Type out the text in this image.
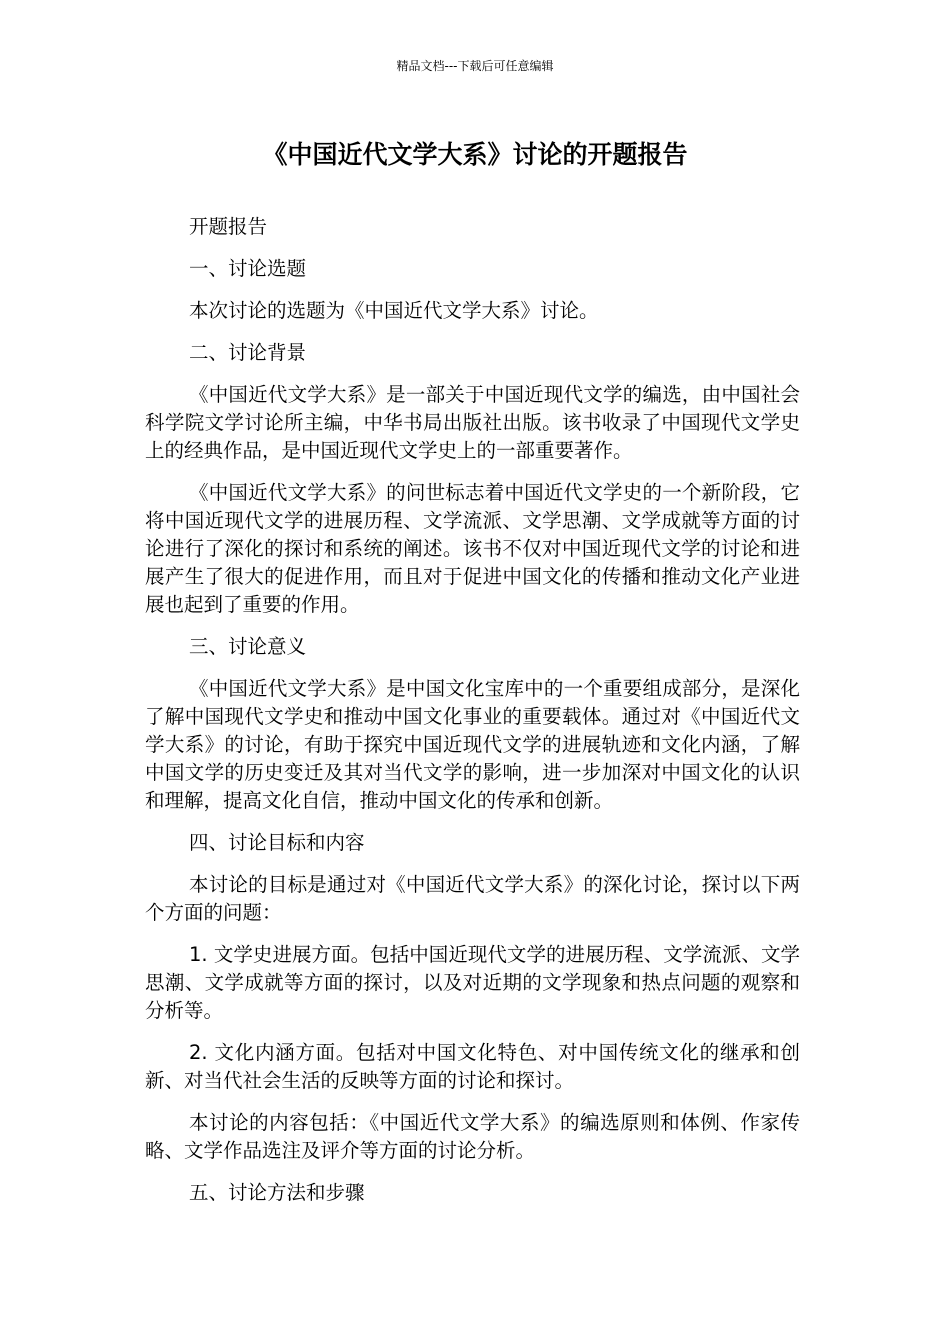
精品文档---下载后可任意编辑
《中国近代文学大系》讨论的开题报告

开题报告

一、讨论选题

本次讨论的选题为《中国近代文学大系》讨论。

二、讨论背景

《中国近代文学大系》是一部关于中国近现代文学的编选，由中国社会科学院文学讨论所主编，中华书局出版社出版。该书收录了中国现代文学史上的经典作品，是中国近现代文学史上的一部重要著作。

《中国近代文学大系》的问世标志着中国近代文学史的一个新阶段，它将中国近现代文学的进展历程、文学流派、文学思潮、文学成就等方面的讨论进行了深化的探讨和系统的阐述。该书不仅对中国近现代文学的讨论和进展产生了很大的促进作用，而且对于促进中国文化的传播和推动文化产业进展也起到了重要的作用。

三、讨论意义

《中国近代文学大系》是中国文化宝库中的一个重要组成部分，是深化了解中国现代文学史和推动中国文化事业的重要载体。通过对《中国近代文学大系》的讨论，有助于探究中国近现代文学的进展轨迹和文化内涵，了解中国文学的历史变迁及其对当代文学的影响，进一步加深对中国文化的认识和理解，提高文化自信，推动中国文化的传承和创新。

四、讨论目标和内容

本讨论的目标是通过对《中国近代文学大系》的深化讨论，探讨以下两个方面的问题：

1. 文学史进展方面。包括中国近现代文学的进展历程、文学流派、文学思潮、文学成就等方面的探讨，以及对近期的文学现象和热点问题的观察和分析等。

2. 文化内涵方面。包括对中国文化特色、对中国传统文化的继承和创新、对当代社会生活的反映等方面的讨论和探讨。

本讨论的内容包括：《中国近代文学大系》的编选原则和体例、作家传略、文学作品选注及评介等方面的讨论分析。

五、讨论方法和步骤
